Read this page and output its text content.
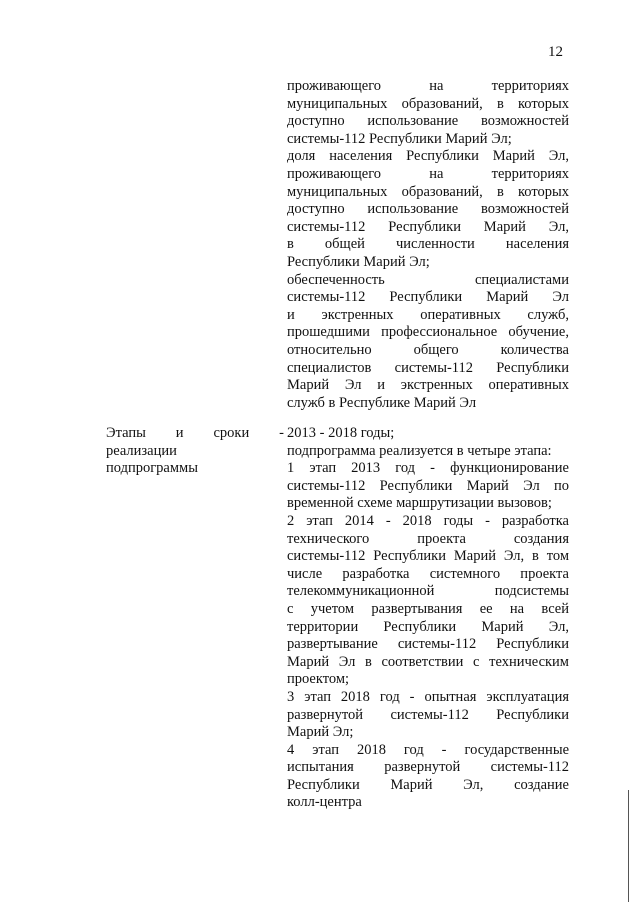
12
проживающего на территориях
муниципальных образований, в которых
доступно использование возможностей
системы-112 Республики Марий Эл;
доля населения Республики Марий Эл,
проживающего на территориях
муниципальных образований, в которых
доступно использование возможностей
системы-112 Республики Марий Эл,
в общей численности населения
Республики Марий Эл;
обеспеченность специалистами
системы-112 Республики Марий Эл
и экстренных оперативных служб,
прошедшими профессиональное обучение,
относительно общего количества
специалистов системы-112 Республики
Марий Эл и экстренных оперативных
служб в Республике Марий Эл
Этапы и сроки -
реализации
подпрограммы
2013 - 2018 годы;
подпрограмма реализуется в четыре этапа:
1 этап 2013 год - функционирование
системы-112 Республики Марий Эл по
временной схеме маршрутизации вызовов;
2 этап 2014 - 2018 годы - разработка
технического проекта создания
системы-112 Республики Марий Эл, в том
числе разработка системного проекта
телекоммуникационной подсистемы
с учетом развертывания ее на всей
территории Республики Марий Эл,
развертывание системы-112 Республики
Марий Эл в соответствии с техническим
проектом;
3 этап 2018 год - опытная эксплуатация
развернутой системы-112 Республики
Марий Эл;
4 этап 2018 год - государственные
испытания развернутой системы-112
Республики Марий Эл, создание
колл-центра
